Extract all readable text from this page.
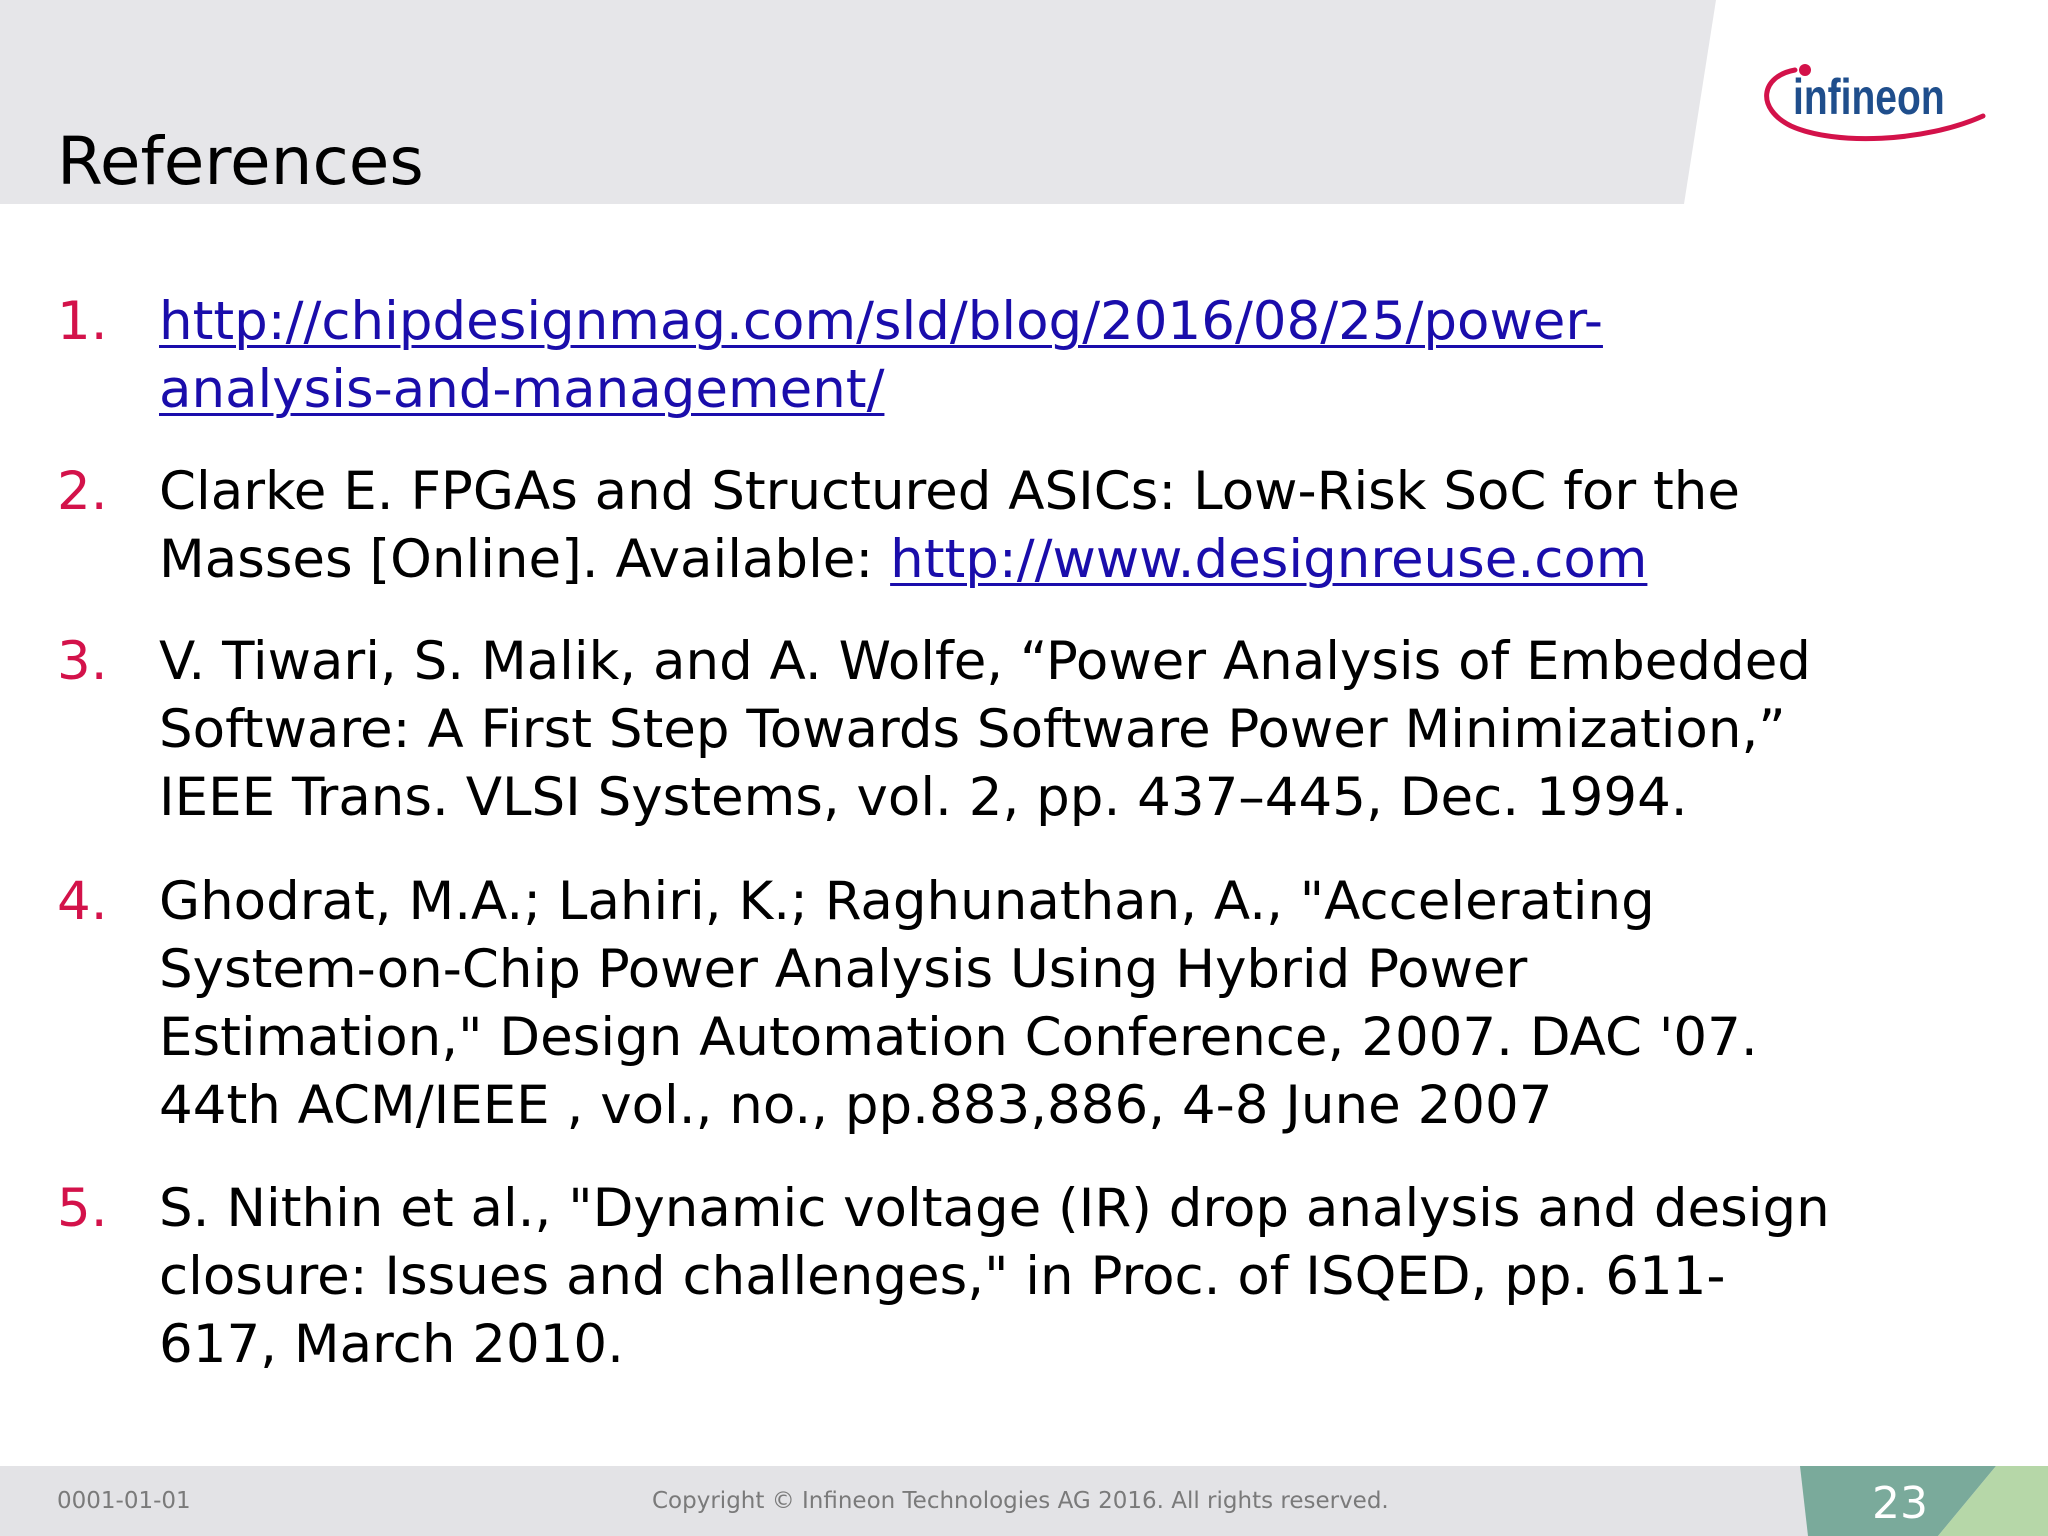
References
infineon
1. http://chipdesignmag.com/sld/blog/2016/08/25/power-
analysis-and-management/
2. Clarke E. FPGAs and Structured ASICs: Low-Risk SoC for the
Masses [Online]. Available: http://www.designreuse.com
3. V. Tiwari, S. Malik, and A. Wolfe, “Power Analysis of Embedded
Software: A First Step Towards Software Power Minimization,”
IEEE Trans. VLSI Systems, vol. 2, pp. 437–445, Dec. 1994.
4. Ghodrat, M.A.; Lahiri, K.; Raghunathan, A., "Accelerating
System-on-Chip Power Analysis Using Hybrid Power
Estimation," Design Automation Conference, 2007. DAC '07.
44th ACM/IEEE , vol., no., pp.883,886, 4-8 June 2007
5. S. Nithin et al., "Dynamic voltage (IR) drop analysis and design
closure: Issues and challenges," in Proc. of ISQED, pp. 611-
617, March 2010.
0001-01-01	Copyright © Infineon Technologies AG 2016. All rights reserved.	23
